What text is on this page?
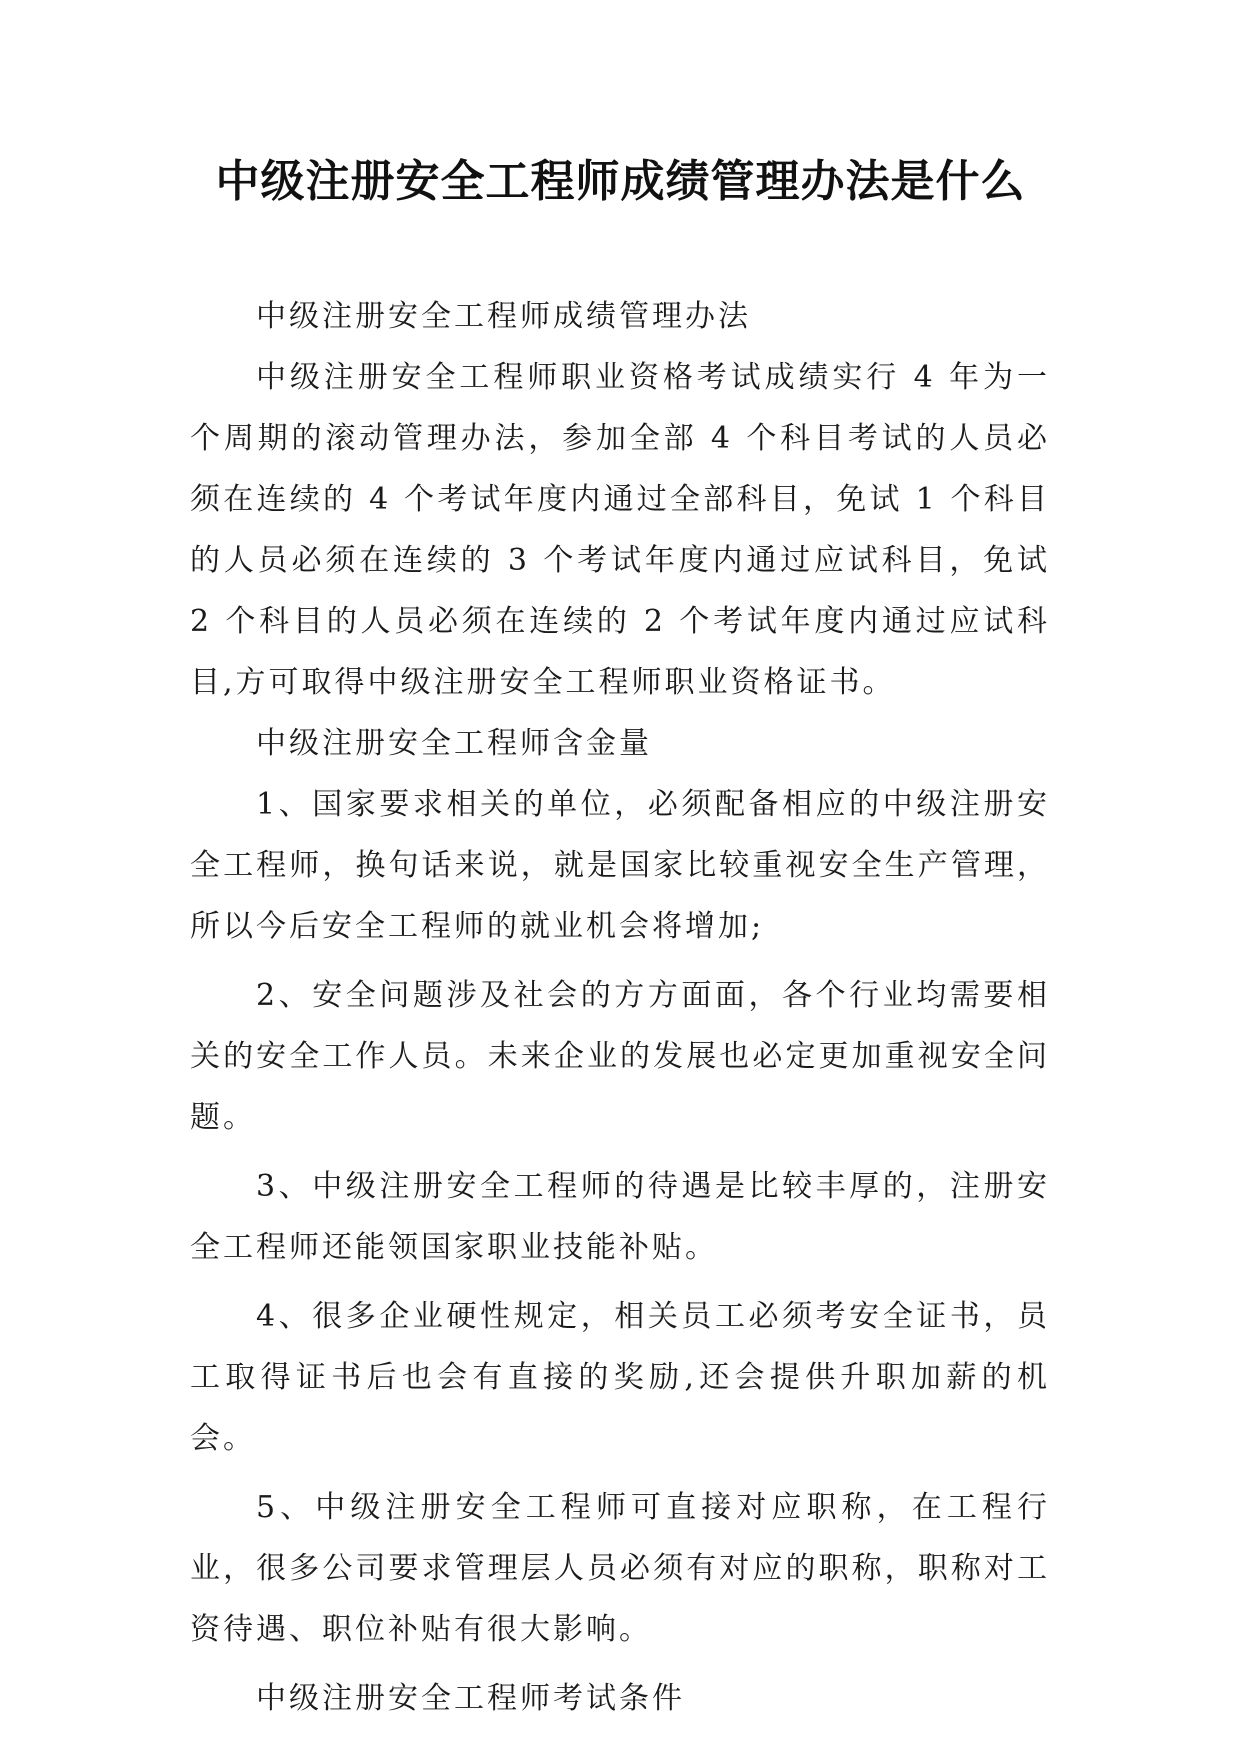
中级注册安全工程师成绩管理办法是什么

中级注册安全工程师成绩管理办法

中级注册安全工程师职业资格考试成绩实行 4 年为一个周期的滚动管理办法，参加全部 4 个科目考试的人员必须在连续的 4 个考试年度内通过全部科目，免试 1 个科目的人员必须在连续的 3 个考试年度内通过应试科目，免试 2 个科目的人员必须在连续的 2 个考试年度内通过应试科目,方可取得中级注册安全工程师职业资格证书。

中级注册安全工程师含金量

1、国家要求相关的单位，必须配备相应的中级注册安全工程师，换句话来说，就是国家比较重视安全生产管理，所以今后安全工程师的就业机会将增加;

2、安全问题涉及社会的方方面面，各个行业均需要相关的安全工作人员。未来企业的发展也必定更加重视安全问题。

3、中级注册安全工程师的待遇是比较丰厚的，注册安全工程师还能领国家职业技能补贴。

4、很多企业硬性规定，相关员工必须考安全证书，员工取得证书后也会有直接的奖励,还会提供升职加薪的机会。

5、中级注册安全工程师可直接对应职称，在工程行业，很多公司要求管理层人员必须有对应的职称，职称对工资待遇、职位补贴有很大影响。

中级注册安全工程师考试条件
